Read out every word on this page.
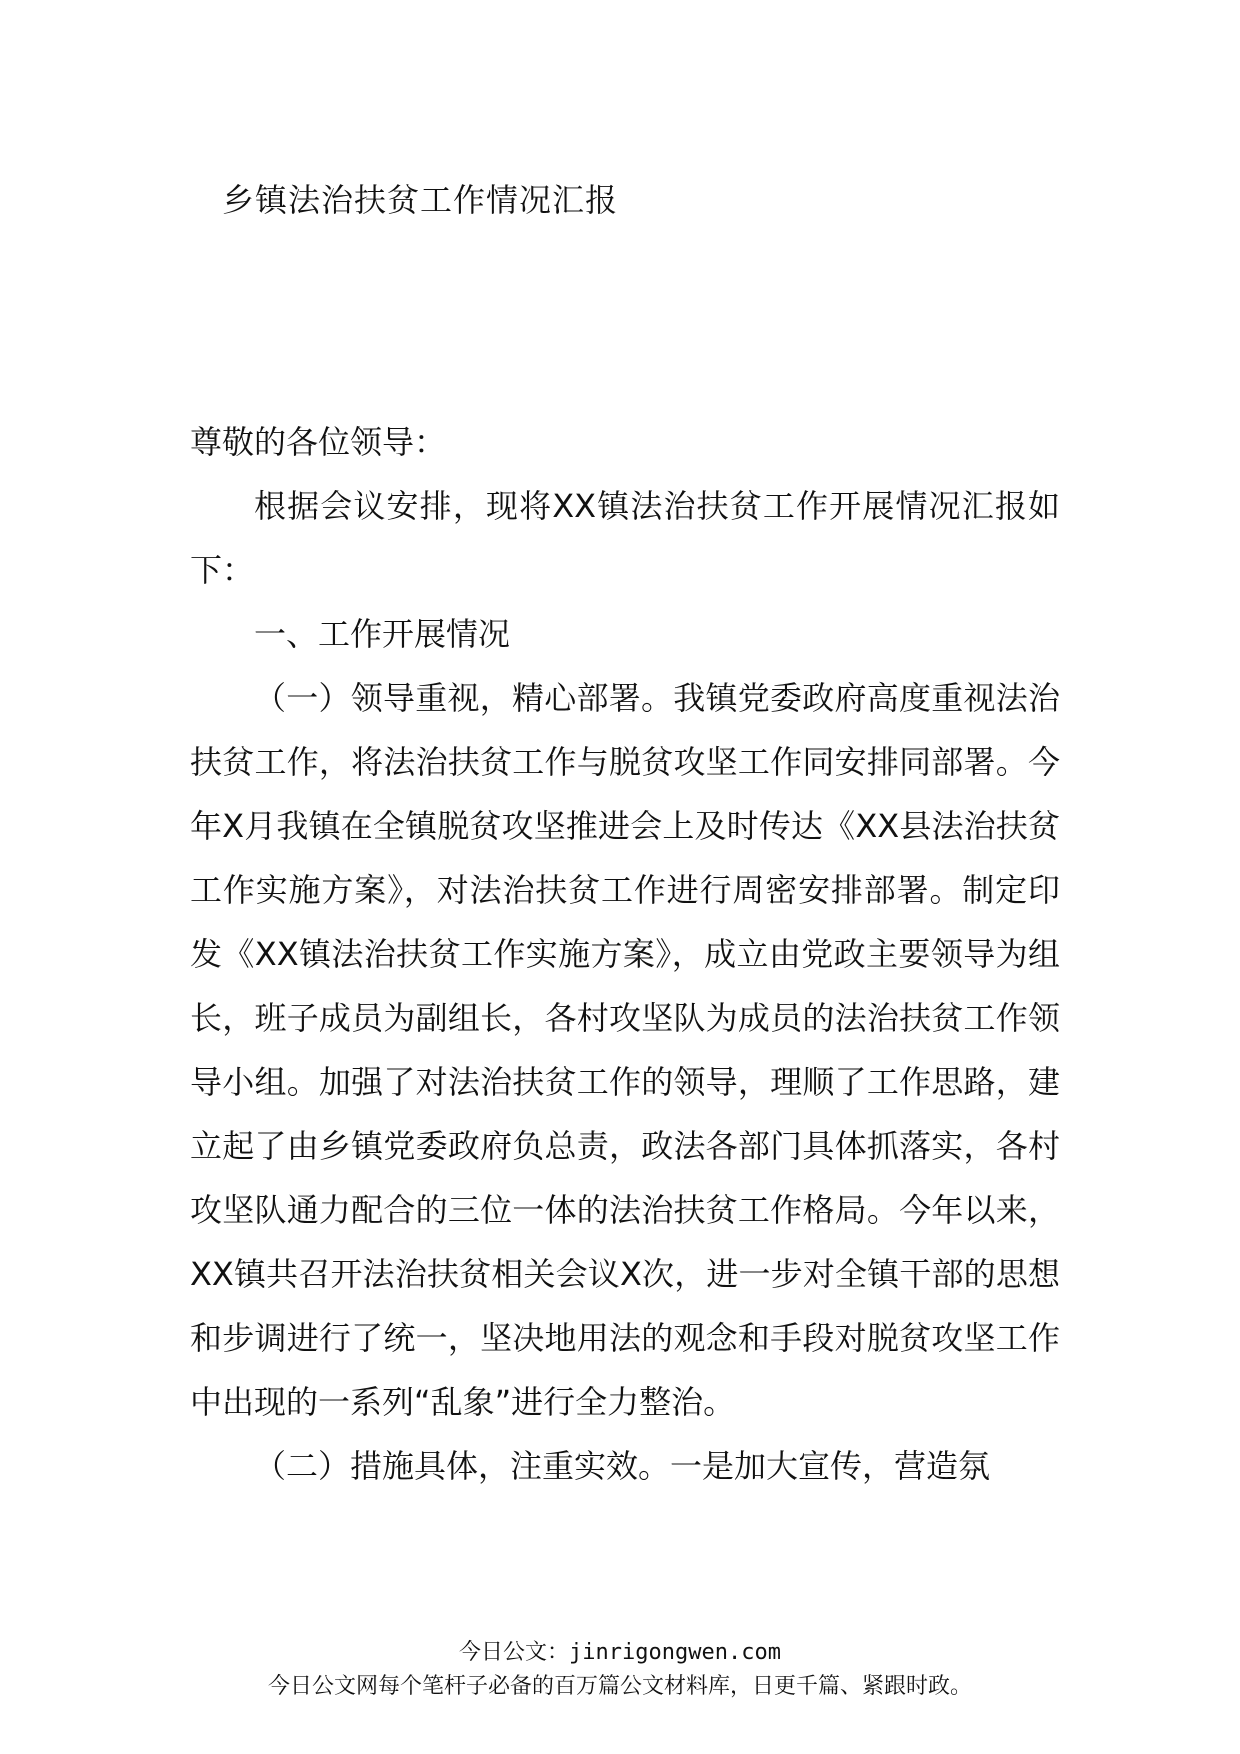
乡镇法治扶贫工作情况汇报

尊敬的各位领导：

根据会议安排，现将XX镇法治扶贫工作开展情况汇报如下：

一、工作开展情况

（一）领导重视，精心部署。我镇党委政府高度重视法治扶贫工作，将法治扶贫工作与脱贫攻坚工作同安排同部署。今年X月我镇在全镇脱贫攻坚推进会上及时传达《XX县法治扶贫工作实施方案》，对法治扶贫工作进行周密安排部署。制定印发《XX镇法治扶贫工作实施方案》，成立由党政主要领导为组长，班子成员为副组长，各村攻坚队为成员的法治扶贫工作领导小组。加强了对法治扶贫工作的领导，理顺了工作思路，建立起了由乡镇党委政府负总责，政法各部门具体抓落实，各村攻坚队通力配合的三位一体的法治扶贫工作格局。今年以来，XX镇共召开法治扶贫相关会议X次，进一步对全镇干部的思想和步调进行了统一，坚决地用法的观念和手段对脱贫攻坚工作中出现的一系列“乱象”进行全力整治。

（二）措施具体，注重实效。一是加大宣传，营造氛

今日公文：jinrigongwen.com
今日公文网每个笔杆子必备的百万篇公文材料库，日更千篇、紧跟时政。
